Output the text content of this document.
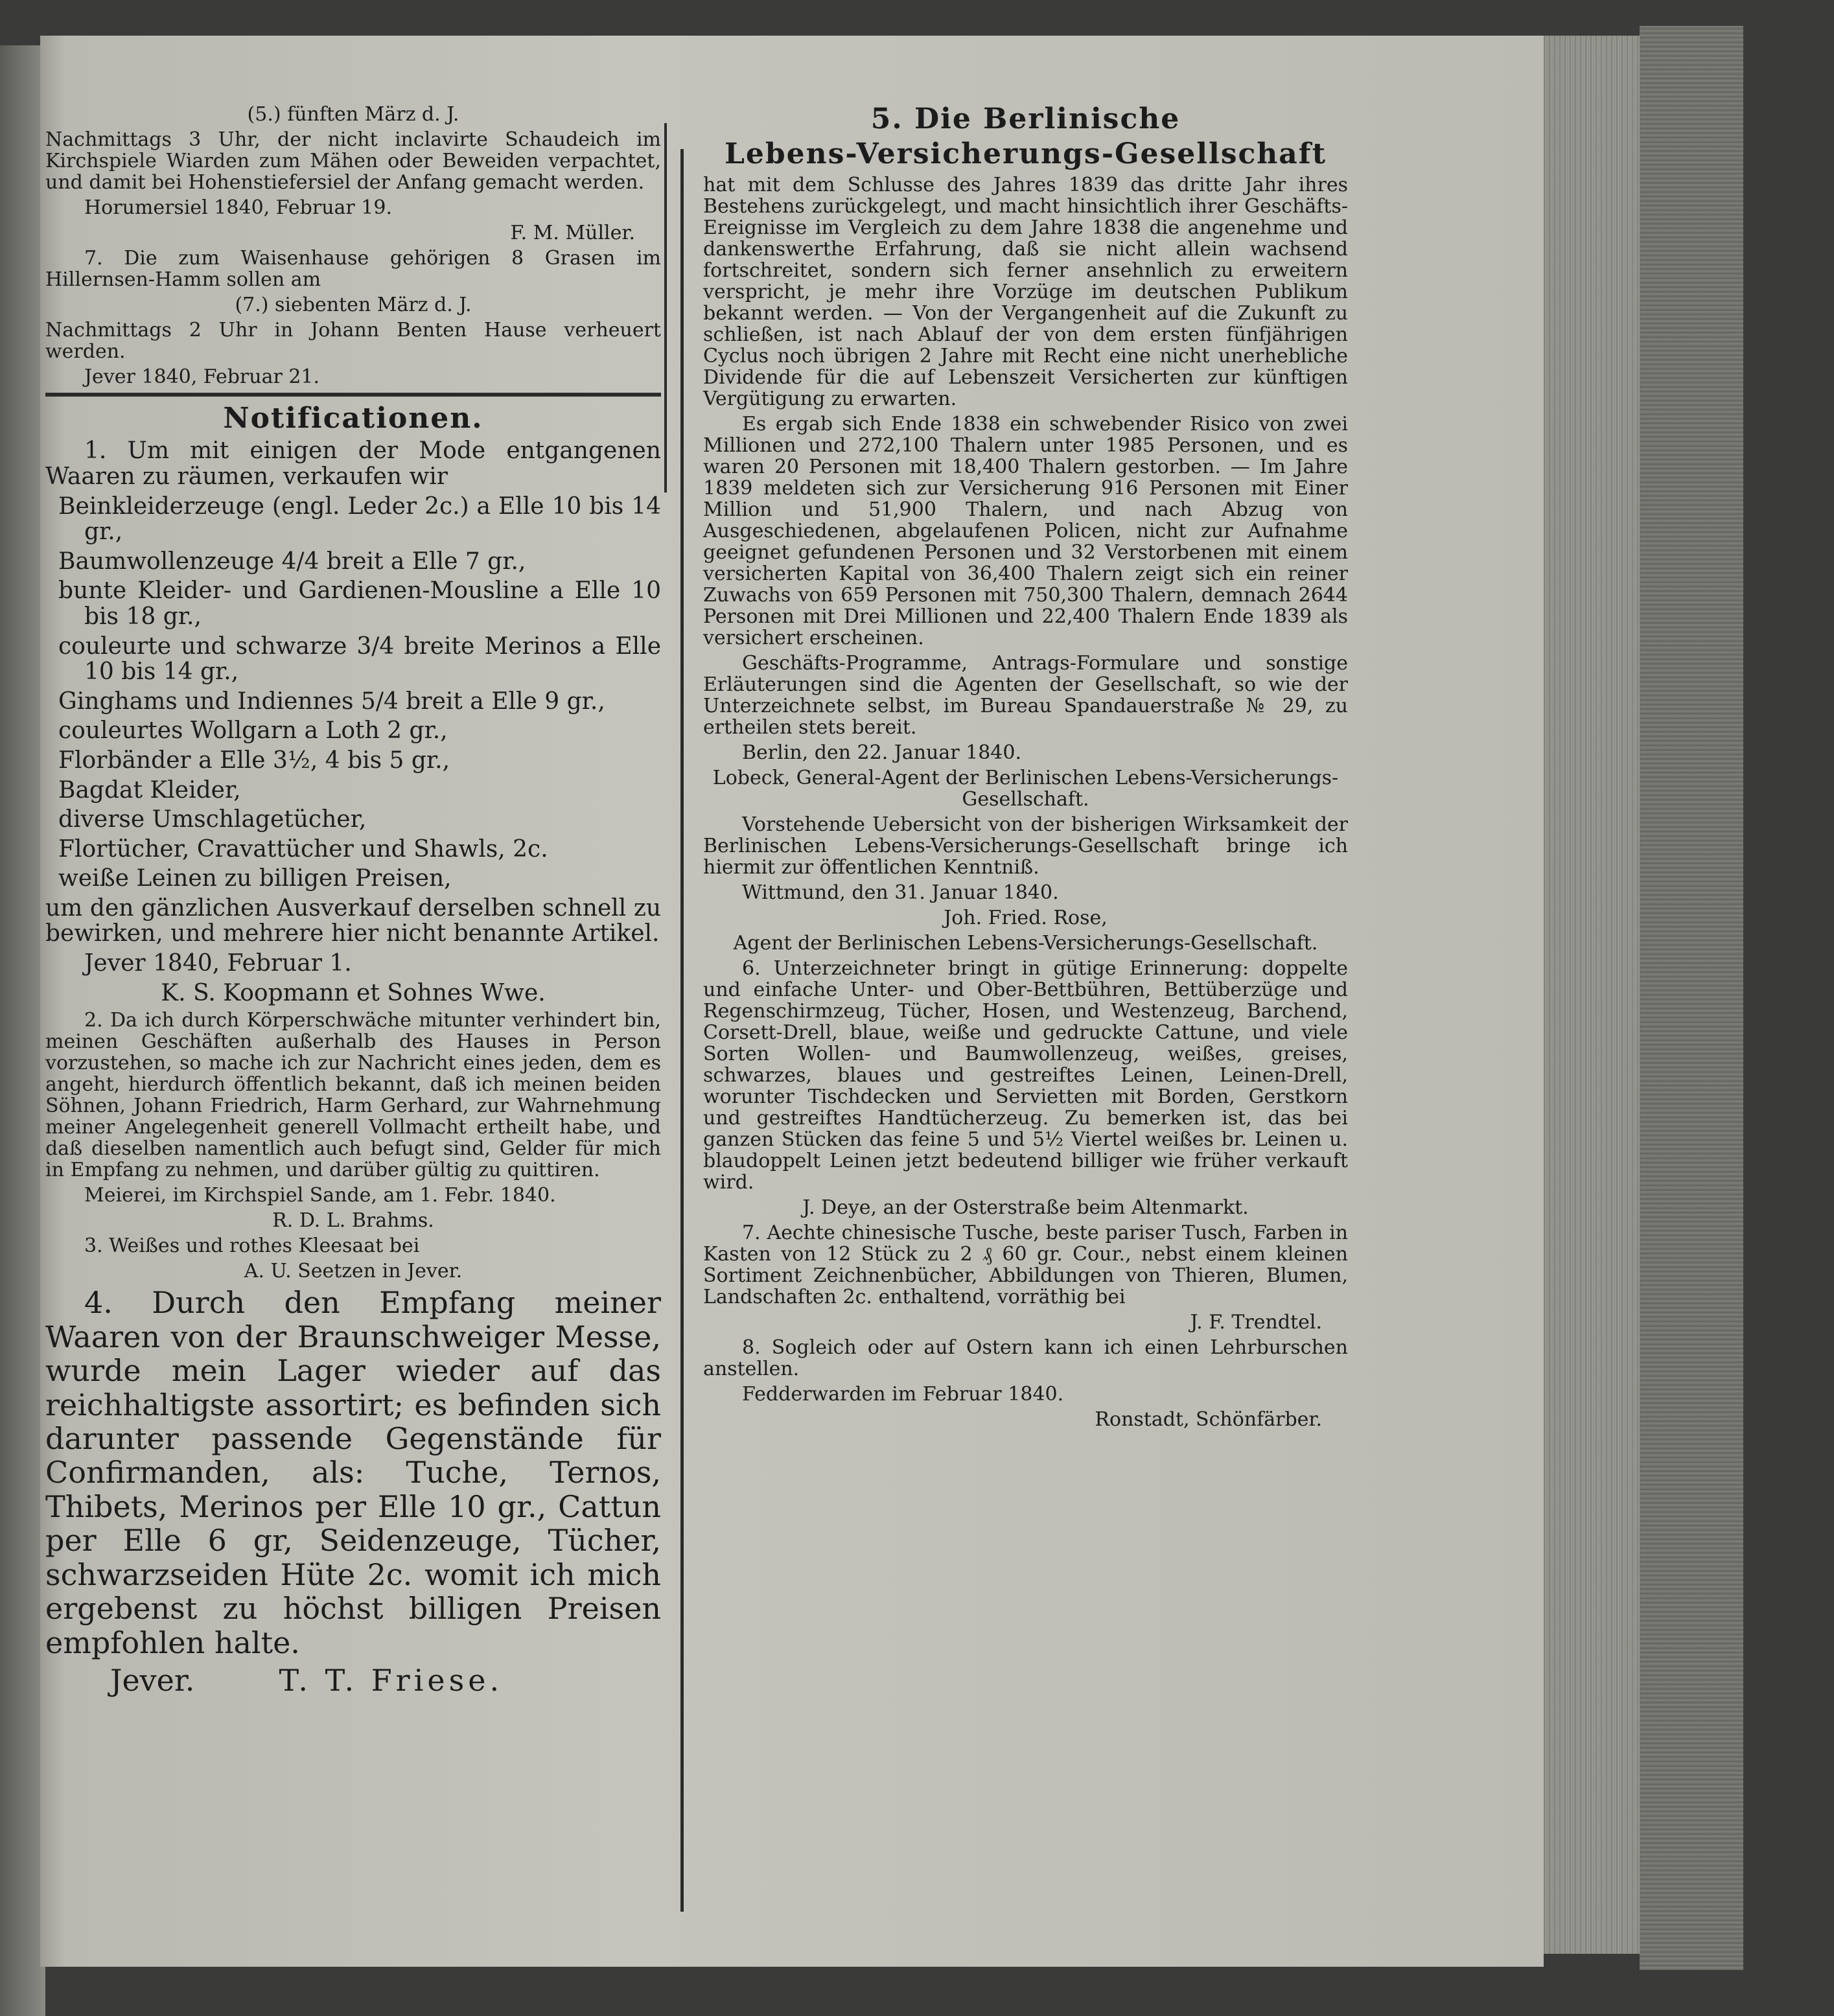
(5.) fünften März d. J.

Nachmittags 3 Uhr, der nicht inclavirte Schaudeich im Kirchspiele Wiarden zum Mähen oder Beweiden verpachtet, und damit bei Hohenstiefersiel der Anfang gemacht werden.

Horumersiel 1840, Februar 19.

F. M. Müller.

7. Die zum Waisenhause gehörigen 8 Grasen im Hillernsen-Hamm sollen am

(7.) siebenten März d. J.

Nachmittags 2 Uhr in Johann Benten Hause verheuert werden.

Jever 1840, Februar 21.

Notificationen.

1. Um mit einigen der Mode entgangenen Waaren zu räumen, verkaufen wir

Beinkleiderzeuge (engl. Leder 2c.) a Elle 10 bis 14 gr.,

Baumwollenzeuge 4/4 breit a Elle 7 gr.,

bunte Kleider- und Gardienen-Mousline a Elle 10 bis 18 gr.,

couleurte und schwarze 3/4 breite Merinos a Elle 10 bis 14 gr.,

Ginghams und Indiennes 5/4 breit a Elle 9 gr.,

couleurtes Wollgarn a Loth 2 gr.,

Florbänder a Elle 3½, 4 bis 5 gr.,

Bagdat Kleider,

diverse Umschlagetücher,

Flortücher, Cravattücher und Shawls, 2c.

weiße Leinen zu billigen Preisen,

um den gänzlichen Ausverkauf derselben schnell zu bewirken, und mehrere hier nicht benannte Artikel.

Jever 1840, Februar 1.

K. S. Koopmann et Sohnes Wwe.

2. Da ich durch Körperschwäche mitunter verhindert bin, meinen Geschäften außerhalb des Hauses in Person vorzustehen, so mache ich zur Nachricht eines jeden, dem es angeht, hierdurch öffentlich bekannt, daß ich meinen beiden Söhnen, Johann Friedrich, Harm Gerhard, zur Wahrnehmung meiner Angelegenheit generell Vollmacht ertheilt habe, und daß dieselben namentlich auch befugt sind, Gelder für mich in Empfang zu nehmen, und darüber gültig zu quittiren.

Meierei, im Kirchspiel Sande, am 1. Febr. 1840.

R. D. L. Brahms.

3. Weißes und rothes Kleesaat bei

A. U. Seetzen in Jever.

4. Durch den Empfang meiner Waaren von der Braunschweiger Messe, wurde mein Lager wieder auf das reichhaltigste assortirt; es befinden sich darunter passende Gegenstände für Confirmanden, als: Tuche, Ternos, Thibets, Merinos per Elle 10 gr., Cattun per Elle 6 gr, Seidenzeuge, Tücher, schwarzseiden Hüte 2c. womit ich mich ergebenst zu höchst billigen Preisen empfohlen halte.

Jever.	T. T. Friese.

5. Die Berlinische

Lebens-Versicherungs-Gesellschaft

hat mit dem Schlusse des Jahres 1839 das dritte Jahr ihres Bestehens zurückgelegt, und macht hinsichtlich ihrer Geschäfts-Ereignisse im Vergleich zu dem Jahre 1838 die angenehme und dankenswerthe Erfahrung, daß sie nicht allein wachsend fortschreitet, sondern sich ferner ansehnlich zu erweitern verspricht, je mehr ihre Vorzüge im deutschen Publikum bekannt werden. — Von der Vergangenheit auf die Zukunft zu schließen, ist nach Ablauf der von dem ersten fünfjährigen Cyclus noch übrigen 2 Jahre mit Recht eine nicht unerhebliche Dividende für die auf Lebenszeit Versicherten zur künftigen Vergütigung zu erwarten.

Es ergab sich Ende 1838 ein schwebender Risico von zwei Millionen und 272,100 Thalern unter 1985 Personen, und es waren 20 Personen mit 18,400 Thalern gestorben. — Im Jahre 1839 meldeten sich zur Versicherung 916 Personen mit Einer Million und 51,900 Thalern, und nach Abzug von Ausgeschiedenen, abgelaufenen Policen, nicht zur Aufnahme geeignet gefundenen Personen und 32 Verstorbenen mit einem versicherten Kapital von 36,400 Thalern zeigt sich ein reiner Zuwachs von 659 Personen mit 750,300 Thalern, demnach 2644 Personen mit Drei Millionen und 22,400 Thalern Ende 1839 als versichert erscheinen.

Geschäfts-Programme, Antrags-Formulare und sonstige Erläuterungen sind die Agenten der Gesellschaft, so wie der Unterzeichnete selbst, im Bureau Spandauerstraße № 29, zu ertheilen stets bereit.

Berlin, den 22. Januar 1840.

Lobeck, General-Agent der Berlinischen Lebens-Versicherungs-Gesellschaft.

Vorstehende Uebersicht von der bisherigen Wirksamkeit der Berlinischen Lebens-Versicherungs-Gesellschaft bringe ich hiermit zur öffentlichen Kenntniß.

Wittmund, den 31. Januar 1840.

Joh. Fried. Rose,

Agent der Berlinischen Lebens-Versicherungs-Gesellschaft.

6. Unterzeichneter bringt in gütige Erinnerung: doppelte und einfache Unter- und Ober-Bettbühren, Bettüberzüge und Regenschirmzeug, Tücher, Hosen, und Westenzeug, Barchend, Corsett-Drell, blaue, weiße und gedruckte Cattune, und viele Sorten Wollen- und Baumwollenzeug, weißes, greises, schwarzes, blaues und gestreiftes Leinen, Leinen-Drell, worunter Tischdecken und Servietten mit Borden, Gerstkorn und gestreiftes Handtücherzeug. Zu bemerken ist, das bei ganzen Stücken das feine 5 und 5½ Viertel weißes br. Leinen u. blaudoppelt Leinen jetzt bedeutend billiger wie früher verkauft wird.

J. Deye, an der Osterstraße beim Altenmarkt.

7. Aechte chinesische Tusche, beste pariser Tusch, Farben in Kasten von 12 Stück zu 2 ₰ 60 gr. Cour., nebst einem kleinen Sortiment Zeichnenbücher, Abbildungen von Thieren, Blumen, Landschaften 2c. enthaltend, vorräthig bei

J. F. Trendtel.

8. Sogleich oder auf Ostern kann ich einen Lehrburschen anstellen.

Fedderwarden im Februar 1840.

Ronstadt, Schönfärber.
